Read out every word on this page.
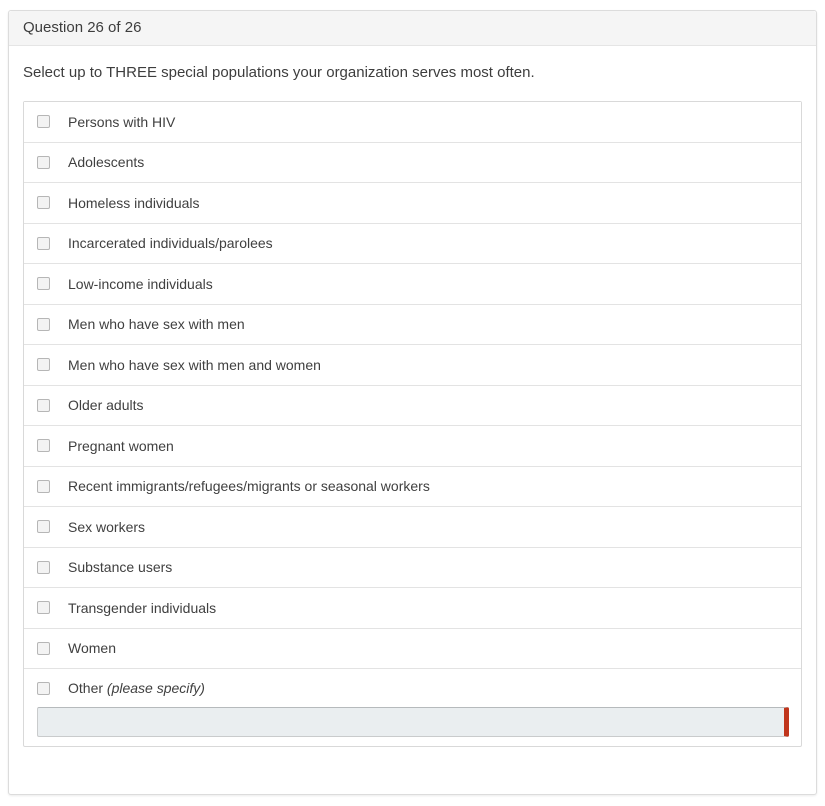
Question 26 of 26

Select up to THREE special populations your organization serves most often.

Persons with HIV
Adolescents
Homeless individuals
Incarcerated individuals/parolees
Low-income individuals
Men who have sex with men
Men who have sex with men and women
Older adults
Pregnant women
Recent immigrants/refugees/migrants or seasonal workers
Sex workers
Substance users
Transgender individuals
Women
Other (please specify)
